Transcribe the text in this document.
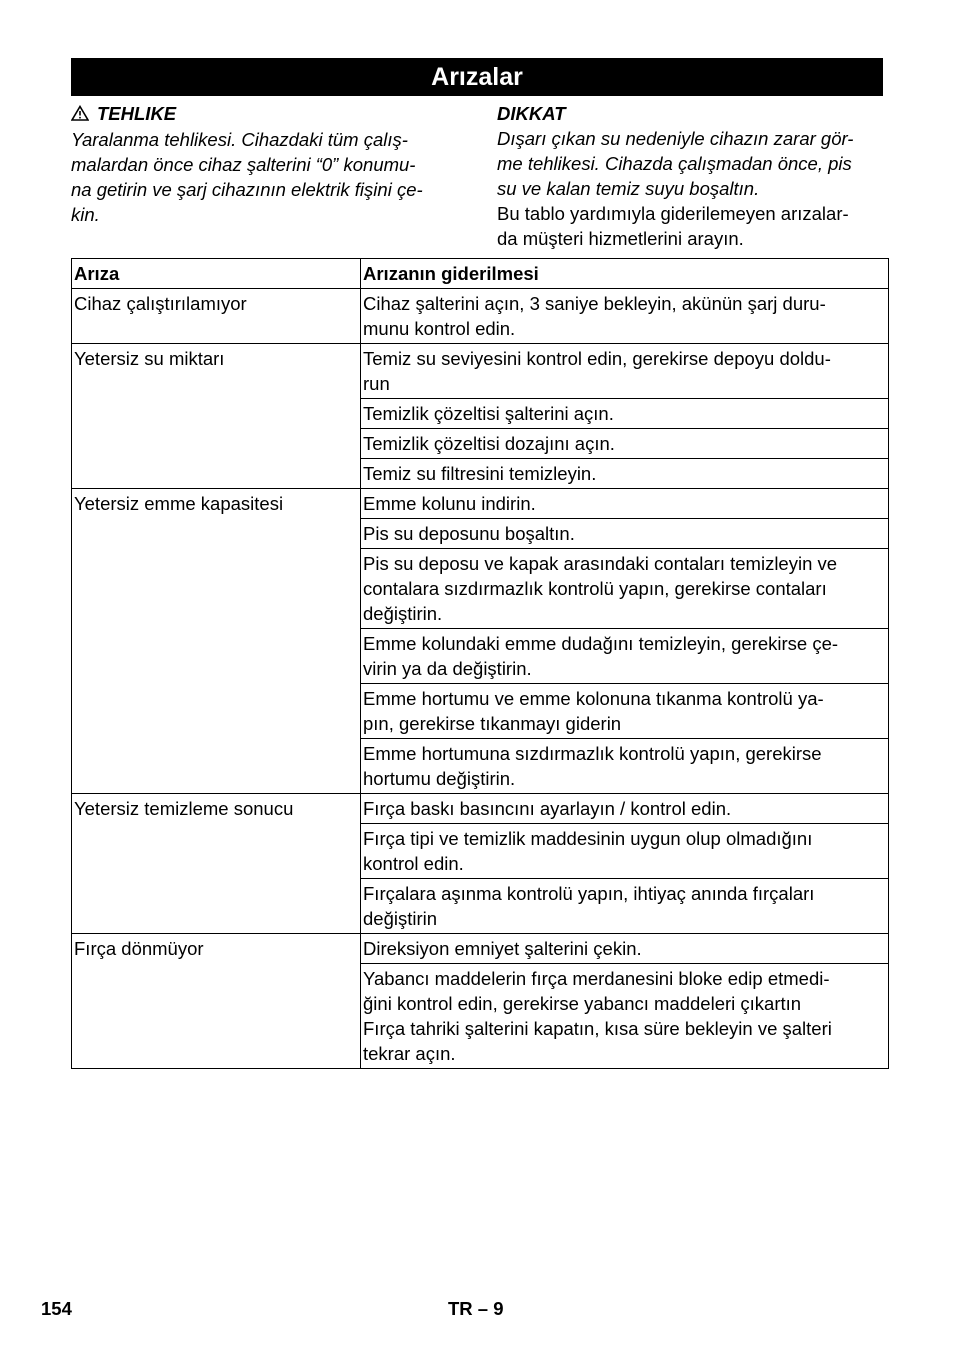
Arızalar
TEHLIKE
Yaralanma tehlikesi. Cihazdaki tüm çalış-
malardan önce cihaz şalterini “0” konumu-
na getirin ve şarj cihazının elektrik fişini çe-
kin.
DIKKAT
Dışarı çıkan su nedeniyle cihazın zarar gör-
me tehlikesi. Cihazda çalışmadan önce, pis
su ve kalan temiz suyu boşaltın.
Bu tablo yardımıyla giderilemeyen arızalar-
da müşteri hizmetlerini arayın.
Arıza	Arızanın giderilmesi
Cihaz çalıştırılamıyor	Cihaz şalterini açın, 3 saniye bekleyin, akünün şarj duru-
munu kontrol edin.

Yetersiz su miktarı	Temiz su seviyesini kontrol edin, gerekirse depoyu doldu-
run

	Temizlik çözeltisi şalterini açın.

	Temizlik çözeltisi dozajını açın.

	Temiz su filtresini temizleyin.

Yetersiz emme kapasitesi	Emme kolunu indirin.

	Pis su deposunu boşaltın.

	Pis su deposu ve kapak arasındaki contaları temizleyin ve
contalara sızdırmazlık kontrolü yapın, gerekirse contaları
değiştirin.

	Emme kolundaki emme dudağını temizleyin, gerekirse çe-
virin ya da değiştirin.

	Emme hortumu ve emme kolonuna tıkanma kontrolü ya-
pın, gerekirse tıkanmayı giderin

	Emme hortumuna sızdırmazlık kontrolü yapın, gerekirse
hortumu değiştirin.

Yetersiz temizleme sonucu	Fırça baskı basıncını ayarlayın / kontrol edin.

	Fırça tipi ve temizlik maddesinin uygun olup olmadığını
kontrol edin.

	Fırçalara aşınma kontrolü yapın, ihtiyaç anında fırçaları
değiştirin

Fırça dönmüyor	Direksiyon emniyet şalterini çekin.

	Yabancı maddelerin fırça merdanesini bloke edip etmedi-
ğini kontrol edin, gerekirse yabancı maddeleri çıkartın
Fırça tahriki şalterini kapatın, kısa süre bekleyin ve şalteri
tekrar açın.
154	TR – 9
